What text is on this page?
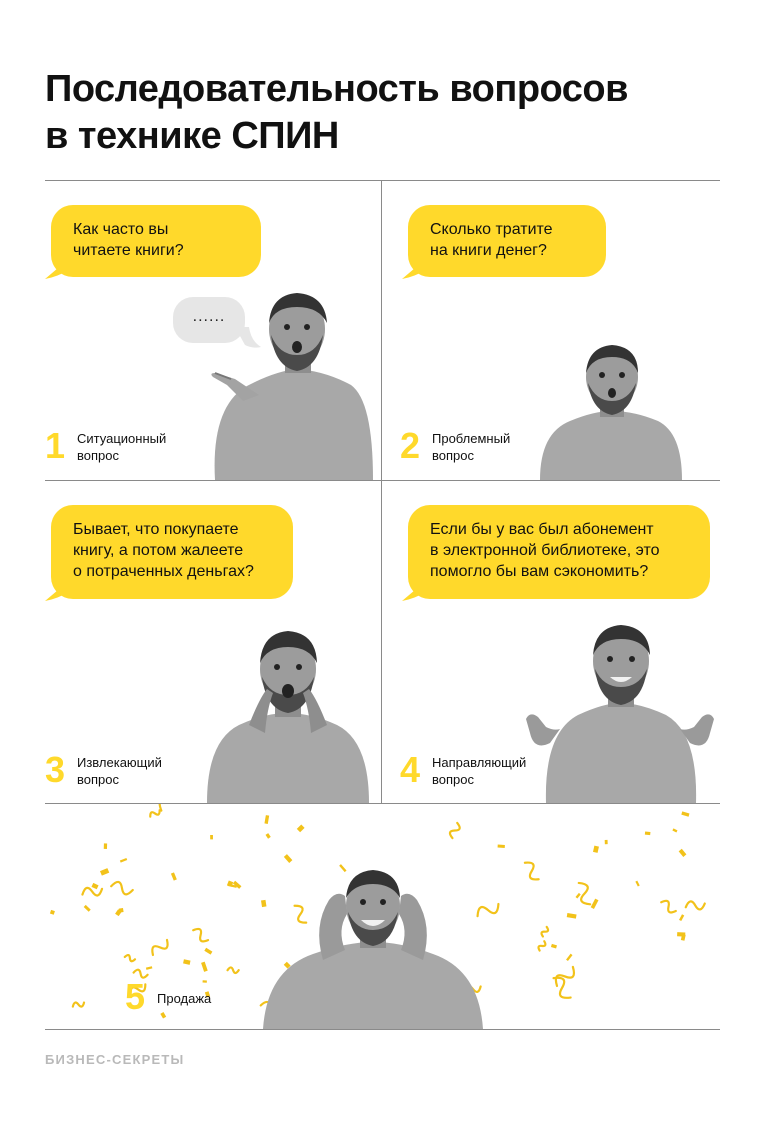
Последовательность вопросов
в технике СПИН
Как часто вы
читаете книги?
......
1 Ситуационный
вопрос
Сколько тратите
на книги денег?
2 Проблемный
вопрос
Бывает, что покупаете
книгу, а потом жалеете
о потраченных деньгах?
3 Извлекающий
вопрос
Если бы у вас был абонемент
в электронной библиотеке, это
помогло бы вам сэкономить?
4 Направляющий
вопрос
5 Продажа
БИЗНЕС-СЕКРЕТЫ
